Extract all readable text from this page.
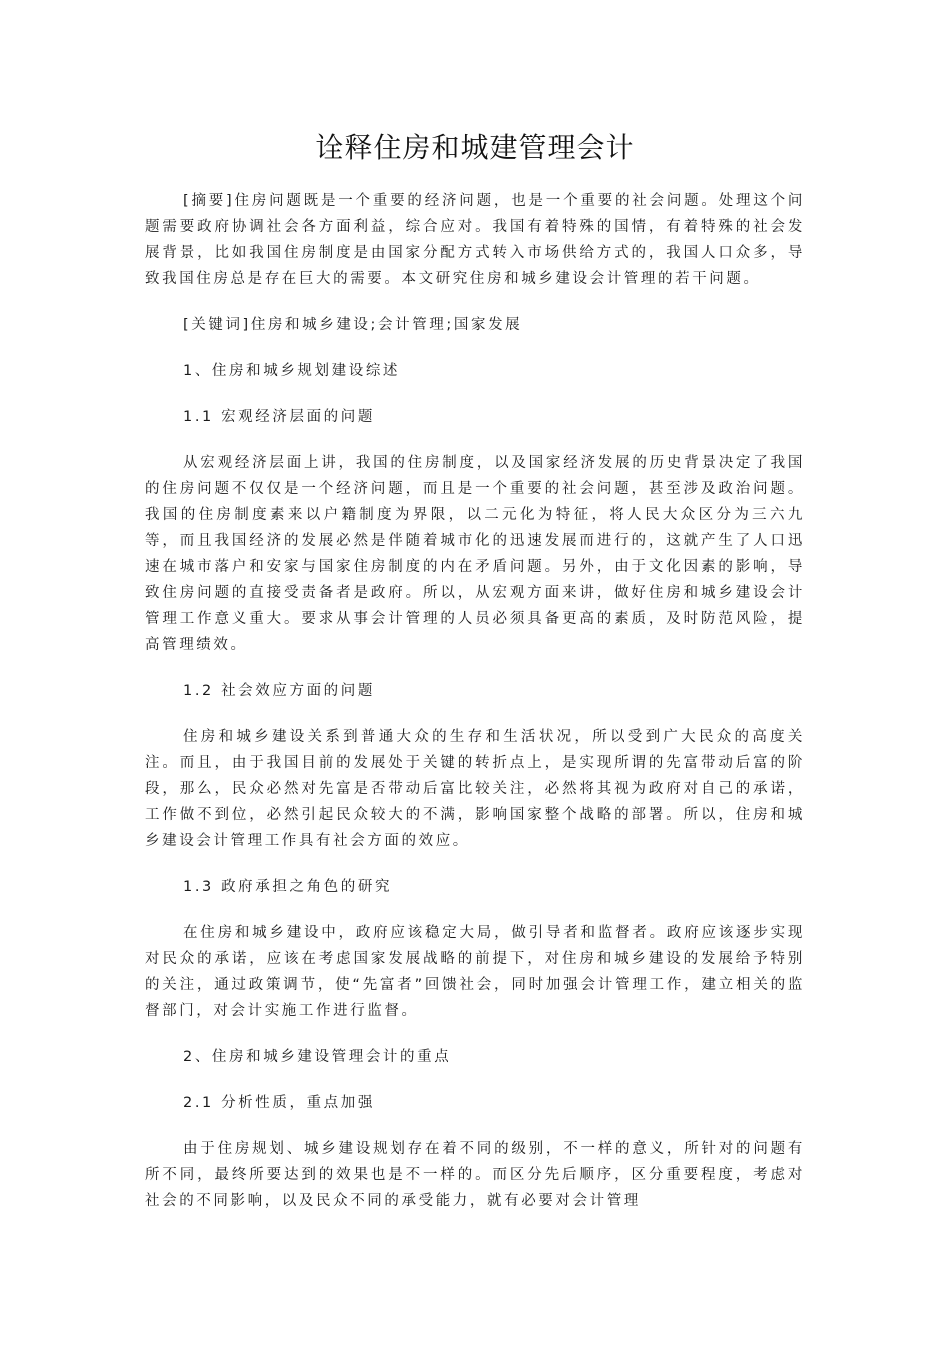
诠释住房和城建管理会计

[摘要]住房问题既是一个重要的经济问题，也是一个重要的社会问题。处理这个问题需要政府协调社会各方面利益，综合应对。我国有着特殊的国情，有着特殊的社会发展背景，比如我国住房制度是由国家分配方式转入市场供给方式的，我国人口众多，导致我国住房总是存在巨大的需要。本文研究住房和城乡建设会计管理的若干问题。

[关键词]住房和城乡建设;会计管理;国家发展

1、住房和城乡规划建设综述

1.1 宏观经济层面的问题

从宏观经济层面上讲，我国的住房制度，以及国家经济发展的历史背景决定了我国的住房问题不仅仅是一个经济问题，而且是一个重要的社会问题，甚至涉及政治问题。我国的住房制度素来以户籍制度为界限，以二元化为特征，将人民大众区分为三六九等，而且我国经济的发展必然是伴随着城市化的迅速发展而进行的，这就产生了人口迅速在城市落户和安家与国家住房制度的内在矛盾问题。另外，由于文化因素的影响，导致住房问题的直接受责备者是政府。所以，从宏观方面来讲，做好住房和城乡建设会计管理工作意义重大。要求从事会计管理的人员必须具备更高的素质，及时防范风险，提高管理绩效。

1.2 社会效应方面的问题

住房和城乡建设关系到普通大众的生存和生活状况，所以受到广大民众的高度关注。而且，由于我国目前的发展处于关键的转折点上，是实现所谓的先富带动后富的阶段，那么，民众必然对先富是否带动后富比较关注，必然将其视为政府对自己的承诺，工作做不到位，必然引起民众较大的不满，影响国家整个战略的部署。所以，住房和城乡建设会计管理工作具有社会方面的效应。

1.3 政府承担之角色的研究

在住房和城乡建设中，政府应该稳定大局，做引导者和监督者。政府应该逐步实现对民众的承诺，应该在考虑国家发展战略的前提下，对住房和城乡建设的发展给予特别的关注，通过政策调节，使“先富者”回馈社会，同时加强会计管理工作，建立相关的监督部门，对会计实施工作进行监督。

2、住房和城乡建设管理会计的重点

2.1 分析性质，重点加强

由于住房规划、城乡建设规划存在着不同的级别，不一样的意义，所针对的问题有所不同，最终所要达到的效果也是不一样的。而区分先后顺序，区分重要程度，考虑对社会的不同影响，以及民众不同的承受能力，就有必要对会计管理
